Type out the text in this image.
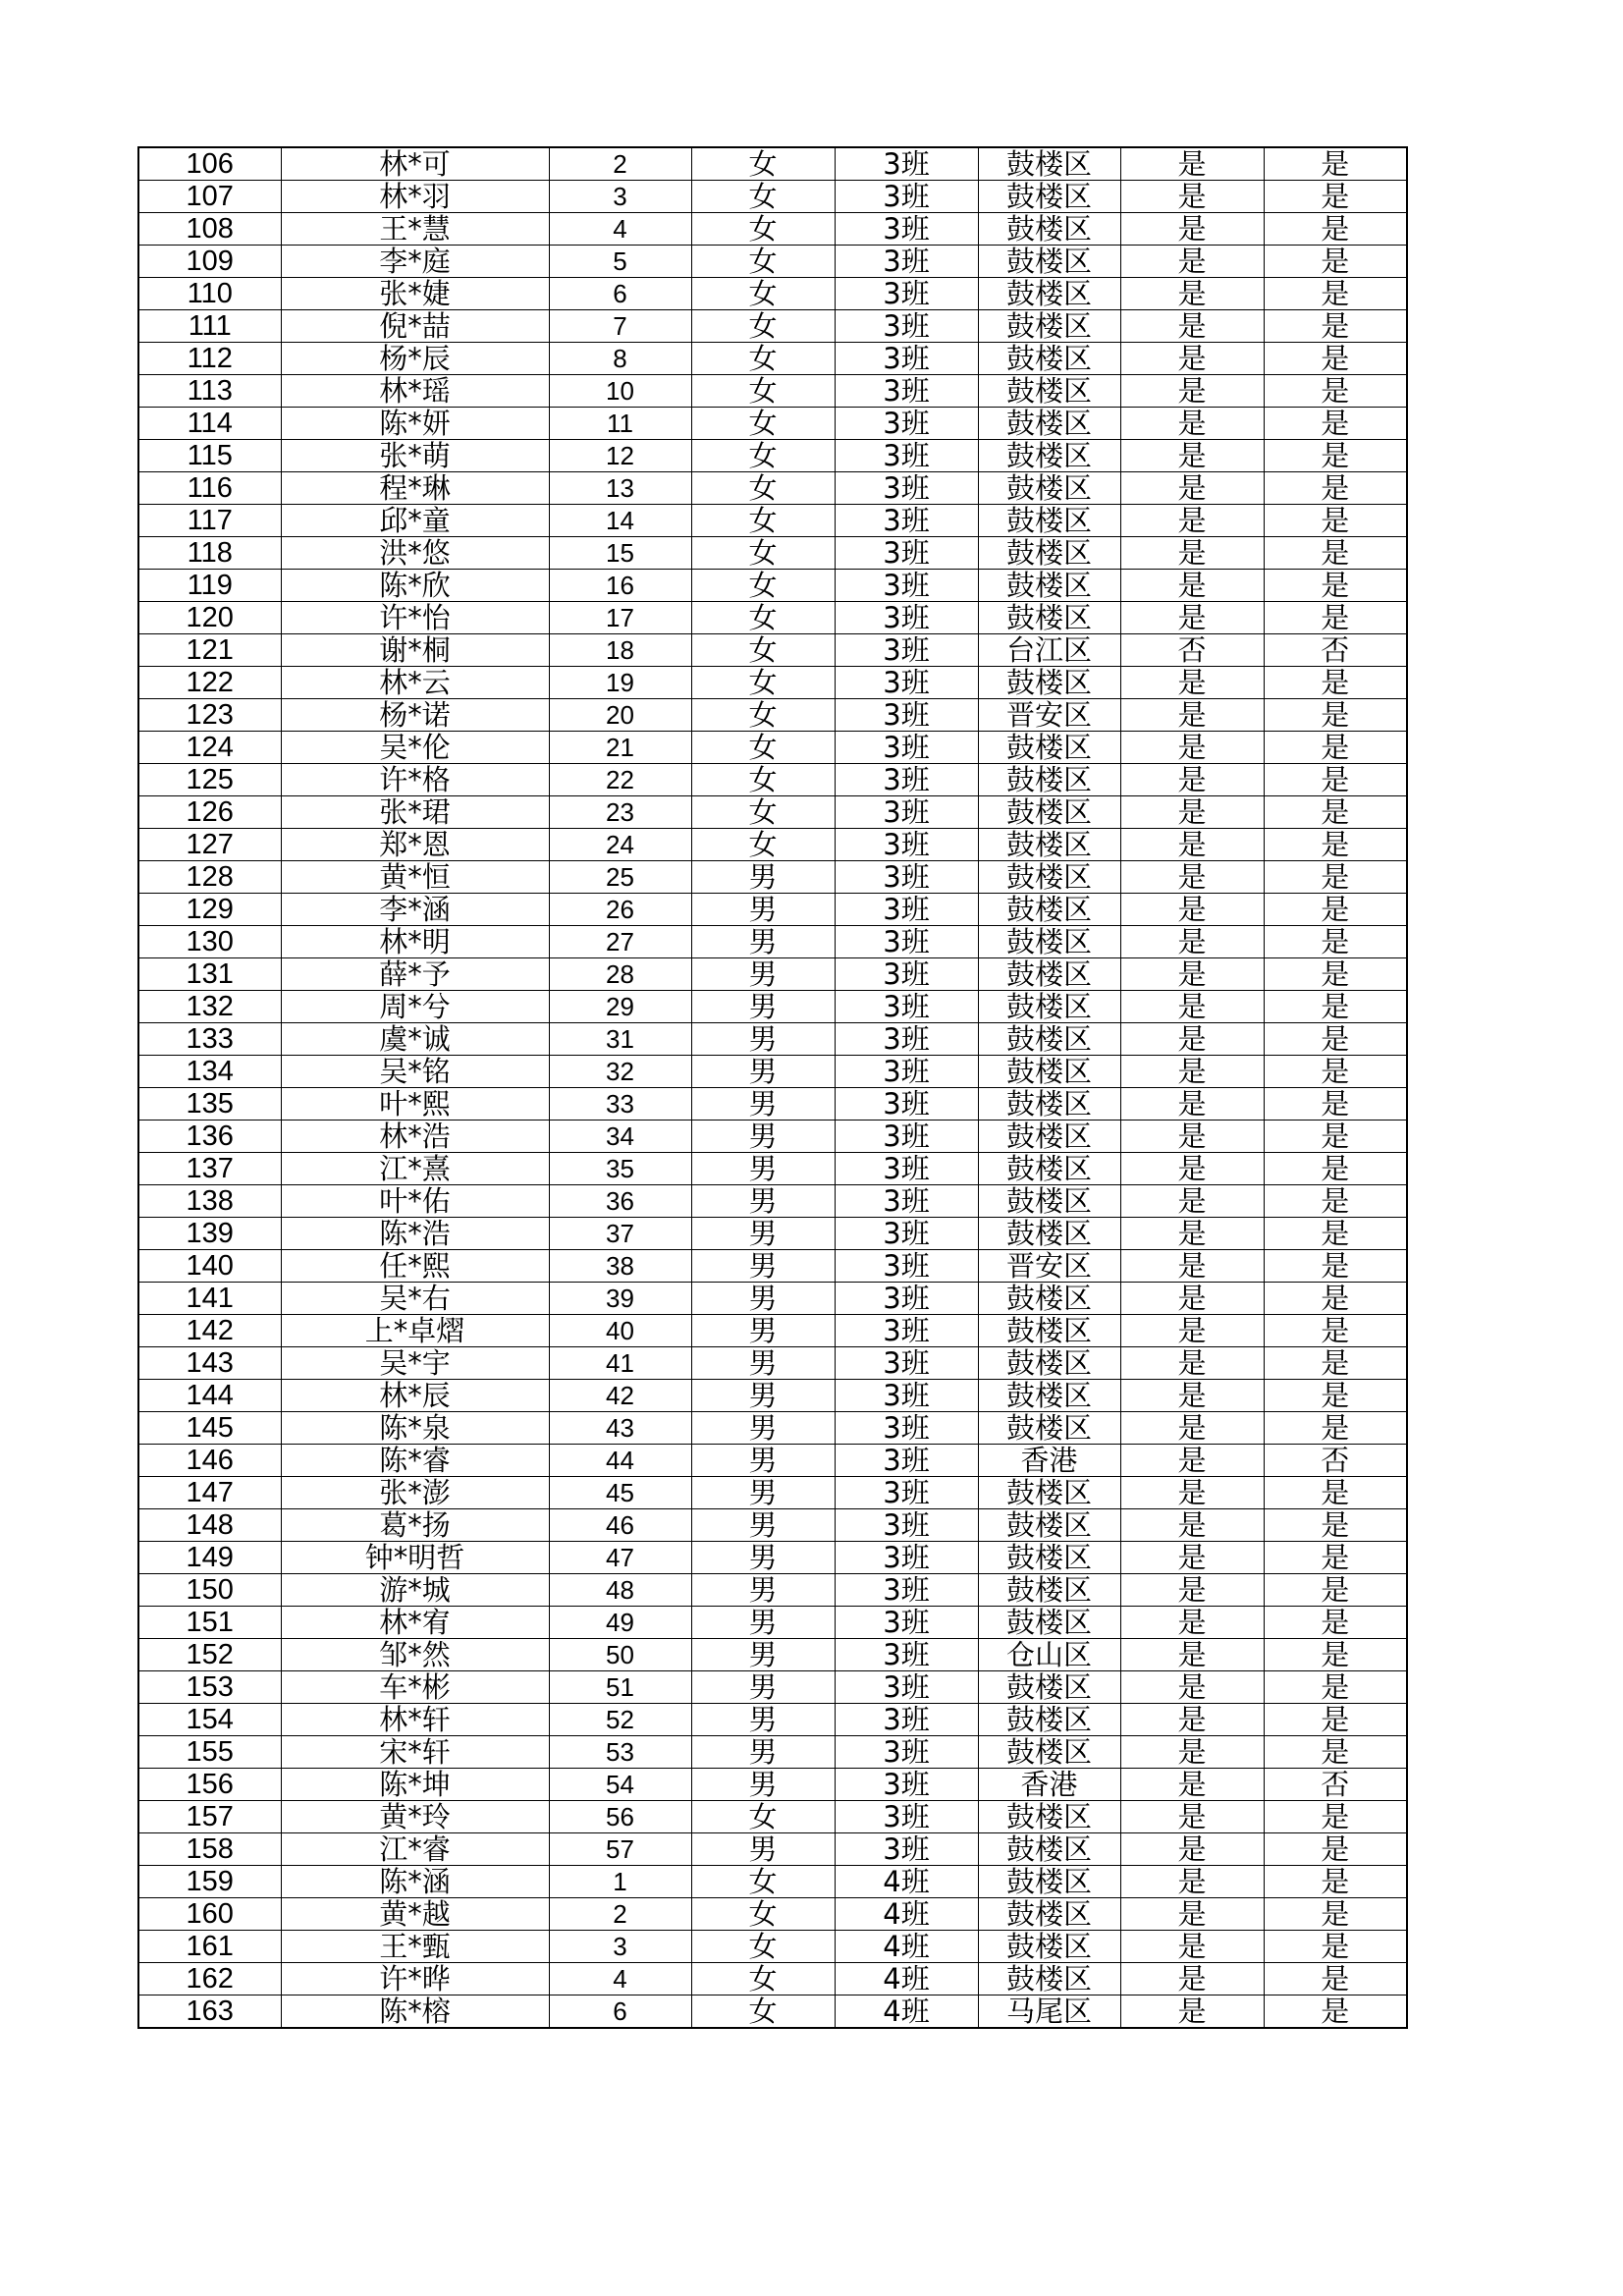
106	林*可	2	女	3班	鼓楼区	是	是
107	林*羽	3	女	3班	鼓楼区	是	是
108	王*慧	4	女	3班	鼓楼区	是	是
109	李*庭	5	女	3班	鼓楼区	是	是
110	张*婕	6	女	3班	鼓楼区	是	是
111	倪*喆	7	女	3班	鼓楼区	是	是
112	杨*辰	8	女	3班	鼓楼区	是	是
113	林*瑶	10	女	3班	鼓楼区	是	是
114	陈*妍	11	女	3班	鼓楼区	是	是
115	张*萌	12	女	3班	鼓楼区	是	是
116	程*琳	13	女	3班	鼓楼区	是	是
117	邱*童	14	女	3班	鼓楼区	是	是
118	洪*悠	15	女	3班	鼓楼区	是	是
119	陈*欣	16	女	3班	鼓楼区	是	是
120	许*怡	17	女	3班	鼓楼区	是	是
121	谢*桐	18	女	3班	台江区	否	否
122	林*云	19	女	3班	鼓楼区	是	是
123	杨*诺	20	女	3班	晋安区	是	是
124	吴*伦	21	女	3班	鼓楼区	是	是
125	许*格	22	女	3班	鼓楼区	是	是
126	张*珺	23	女	3班	鼓楼区	是	是
127	郑*恩	24	女	3班	鼓楼区	是	是
128	黄*恒	25	男	3班	鼓楼区	是	是
129	李*涵	26	男	3班	鼓楼区	是	是
130	林*明	27	男	3班	鼓楼区	是	是
131	薛*予	28	男	3班	鼓楼区	是	是
132	周*兮	29	男	3班	鼓楼区	是	是
133	虞*诚	31	男	3班	鼓楼区	是	是
134	吴*铭	32	男	3班	鼓楼区	是	是
135	叶*熙	33	男	3班	鼓楼区	是	是
136	林*浩	34	男	3班	鼓楼区	是	是
137	江*熹	35	男	3班	鼓楼区	是	是
138	叶*佑	36	男	3班	鼓楼区	是	是
139	陈*浩	37	男	3班	鼓楼区	是	是
140	任*熙	38	男	3班	晋安区	是	是
141	吴*右	39	男	3班	鼓楼区	是	是
142	上*卓熠	40	男	3班	鼓楼区	是	是
143	吴*宇	41	男	3班	鼓楼区	是	是
144	林*辰	42	男	3班	鼓楼区	是	是
145	陈*泉	43	男	3班	鼓楼区	是	是
146	陈*睿	44	男	3班	香港	是	否
147	张*澎	45	男	3班	鼓楼区	是	是
148	葛*扬	46	男	3班	鼓楼区	是	是
149	钟*明哲	47	男	3班	鼓楼区	是	是
150	游*城	48	男	3班	鼓楼区	是	是
151	林*宥	49	男	3班	鼓楼区	是	是
152	邹*然	50	男	3班	仓山区	是	是
153	车*彬	51	男	3班	鼓楼区	是	是
154	林*轩	52	男	3班	鼓楼区	是	是
155	宋*轩	53	男	3班	鼓楼区	是	是
156	陈*坤	54	男	3班	香港	是	否
157	黄*玲	56	女	3班	鼓楼区	是	是
158	江*睿	57	男	3班	鼓楼区	是	是
159	陈*涵	1	女	4班	鼓楼区	是	是
160	黄*越	2	女	4班	鼓楼区	是	是
161	王*甄	3	女	4班	鼓楼区	是	是
162	许*晔	4	女	4班	鼓楼区	是	是
163	陈*榕	6	女	4班	马尾区	是	是
